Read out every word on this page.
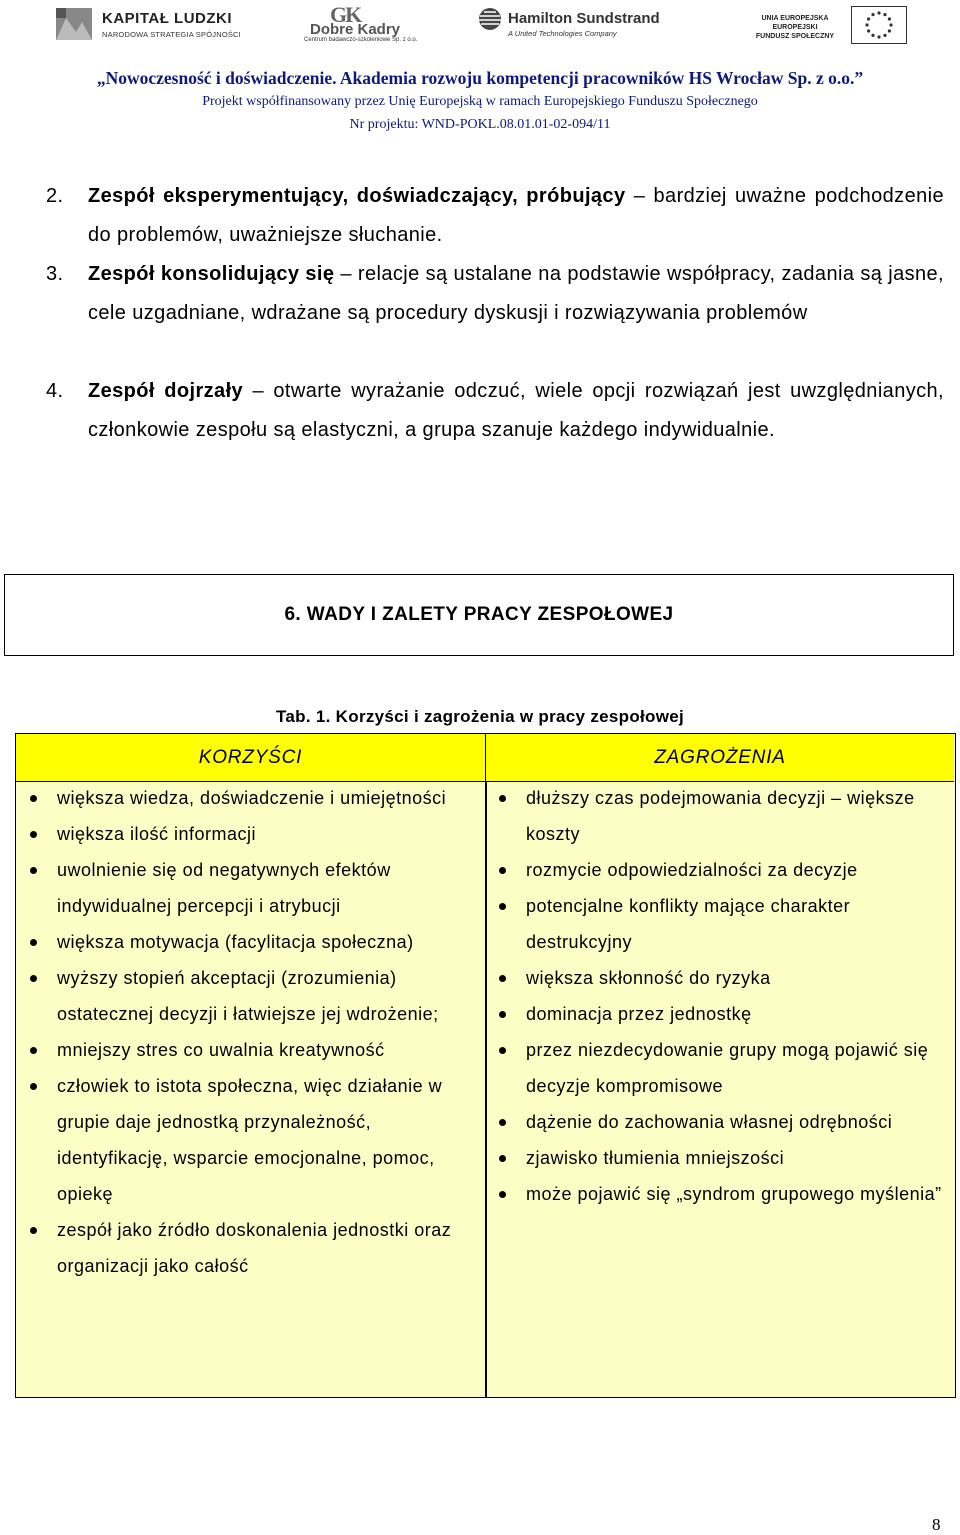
KAPITAŁ LUDZKI
NARODOWA STRATEGIA SPÓJNOŚCI
GK
Dobre Kadry
Centrum badawczo-szkoleniowe Sp. z o.o.
Hamilton Sundstrand
A United Technologies Company
UNIA EUROPEJSKA
EUROPEJSKI
FUNDUSZ SPOŁECZNY
„Nowoczesność i doświadczenie. Akademia rozwoju kompetencji pracowników HS Wrocław Sp. z o.o.”
Projekt współfinansowany przez Unię Europejską w ramach Europejskiego Funduszu Społecznego
Nr projektu: WND-POKL.08.01.01-02-094/11
2. Zespół eksperymentujący, doświadczający, próbujący – bardziej uważne podchodzenie do problemów, uważniejsze słuchanie.
3. Zespół konsolidujący się – relacje są ustalane na podstawie współpracy, zadania są jasne, cele uzgadniane, wdrażane są procedury dyskusji i rozwiązywania problemów
4. Zespół dojrzały – otwarte wyrażanie odczuć, wiele opcji rozwiązań jest uwzględnianych, członkowie zespołu są elastyczni, a grupa szanuje każdego indywidualnie.
6. WADY I ZALETY PRACY ZESPOŁOWEJ
Tab. 1. Korzyści i zagrożenia w pracy zespołowej
KORZYŚCI	ZAGROŻENIA
większa wiedza, doświadczenie i umiejętności
większa ilość informacji
uwolnienie się od negatywnych efektów indywidualnej percepcji i atrybucji
większa motywacja (facylitacja społeczna)
wyższy stopień akceptacji (zrozumienia) ostatecznej decyzji i łatwiejsze jej wdrożenie;
mniejszy stres co uwalnia kreatywność
człowiek to istota społeczna, więc działanie w grupie daje jednostką przynależność, identyfikację, wsparcie emocjonalne, pomoc, opiekę
zespół jako źródło doskonalenia jednostki oraz organizacji jako całość
dłuższy czas podejmowania decyzji – większe koszty
rozmycie odpowiedzialności za decyzje
potencjalne konflikty mające charakter destrukcyjny
większa skłonność do ryzyka
dominacja przez jednostkę
przez niezdecydowanie grupy mogą pojawić się decyzje kompromisowe
dążenie do zachowania własnej odrębności
zjawisko tłumienia mniejszości
może pojawić się „syndrom grupowego myślenia”
8
